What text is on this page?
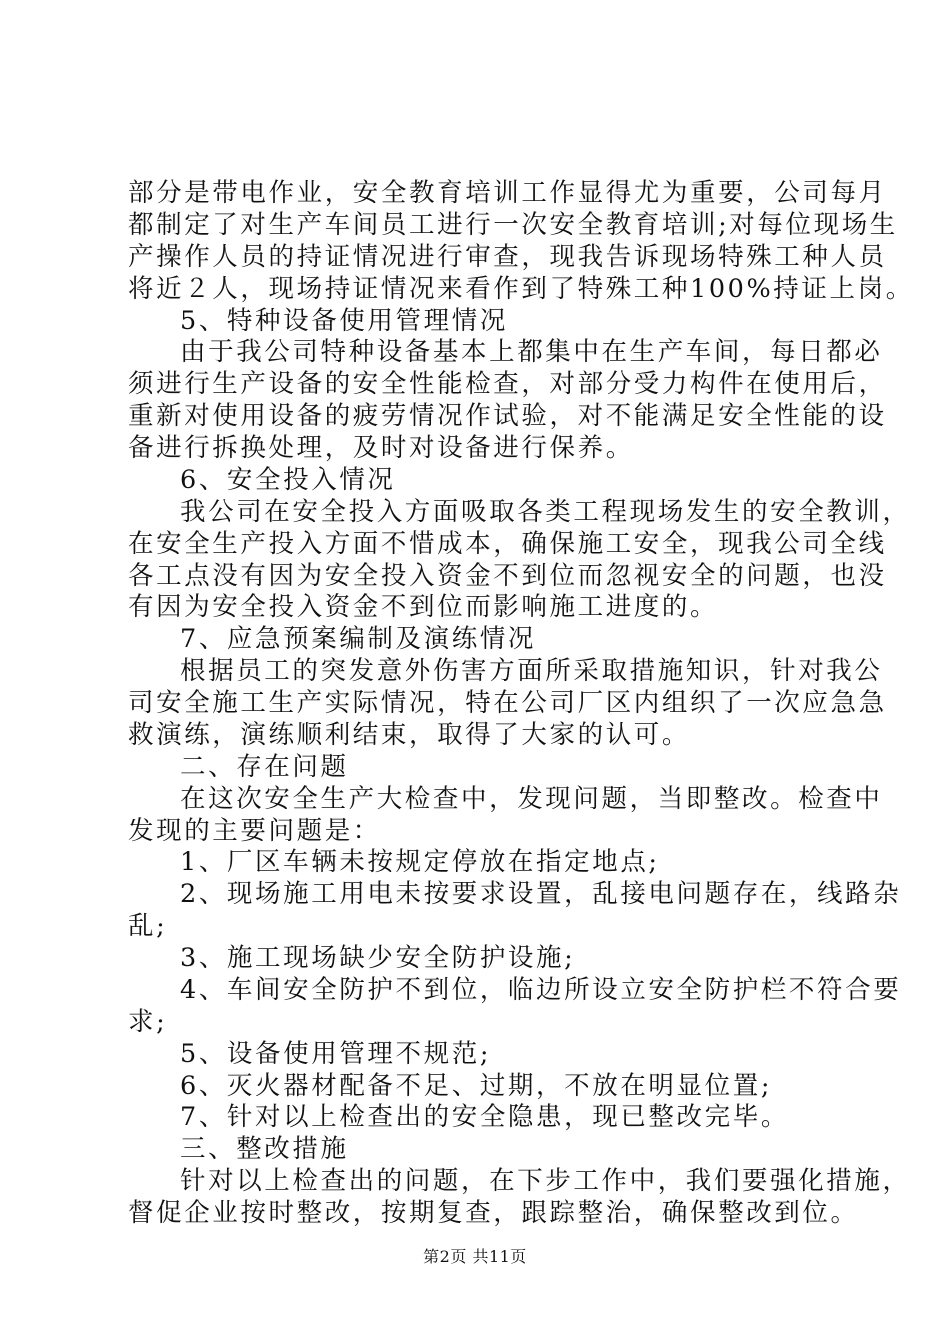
部分是带电作业，安全教育培训工作显得尤为重要，公司每月
都制定了对生产车间员工进行一次安全教育培训;对每位现场生
产操作人员的持证情况进行审查，现我告诉现场特殊工种人员
将近２人，现场持证情况来看作到了特殊工种100%持证上岗。
5、特种设备使用管理情况
由于我公司特种设备基本上都集中在生产车间，每日都必
须进行生产设备的安全性能检查，对部分受力构件在使用后，
重新对使用设备的疲劳情况作试验，对不能满足安全性能的设
备进行拆换处理，及时对设备进行保养。
6、安全投入情况
我公司在安全投入方面吸取各类工程现场发生的安全教训，
在安全生产投入方面不惜成本，确保施工安全，现我公司全线
各工点没有因为安全投入资金不到位而忽视安全的问题，也没
有因为安全投入资金不到位而影响施工进度的。
7、应急预案编制及演练情况
根据员工的突发意外伤害方面所采取措施知识，针对我公
司安全施工生产实际情况，特在公司厂区内组织了一次应急急
救演练，演练顺利结束，取得了大家的认可。
二、存在问题
在这次安全生产大检查中，发现问题，当即整改。检查中
发现的主要问题是：
1、厂区车辆未按规定停放在指定地点;
2、现场施工用电未按要求设置，乱接电问题存在，线路杂
乱;
3、施工现场缺少安全防护设施;
4、车间安全防护不到位，临边所设立安全防护栏不符合要
求;
5、设备使用管理不规范;
6、灭火器材配备不足、过期，不放在明显位置;
7、针对以上检查出的安全隐患，现已整改完毕。
三、整改措施
针对以上检查出的问题，在下步工作中，我们要强化措施，
督促企业按时整改，按期复查，跟踪整治，确保整改到位。
第2页 共11页
